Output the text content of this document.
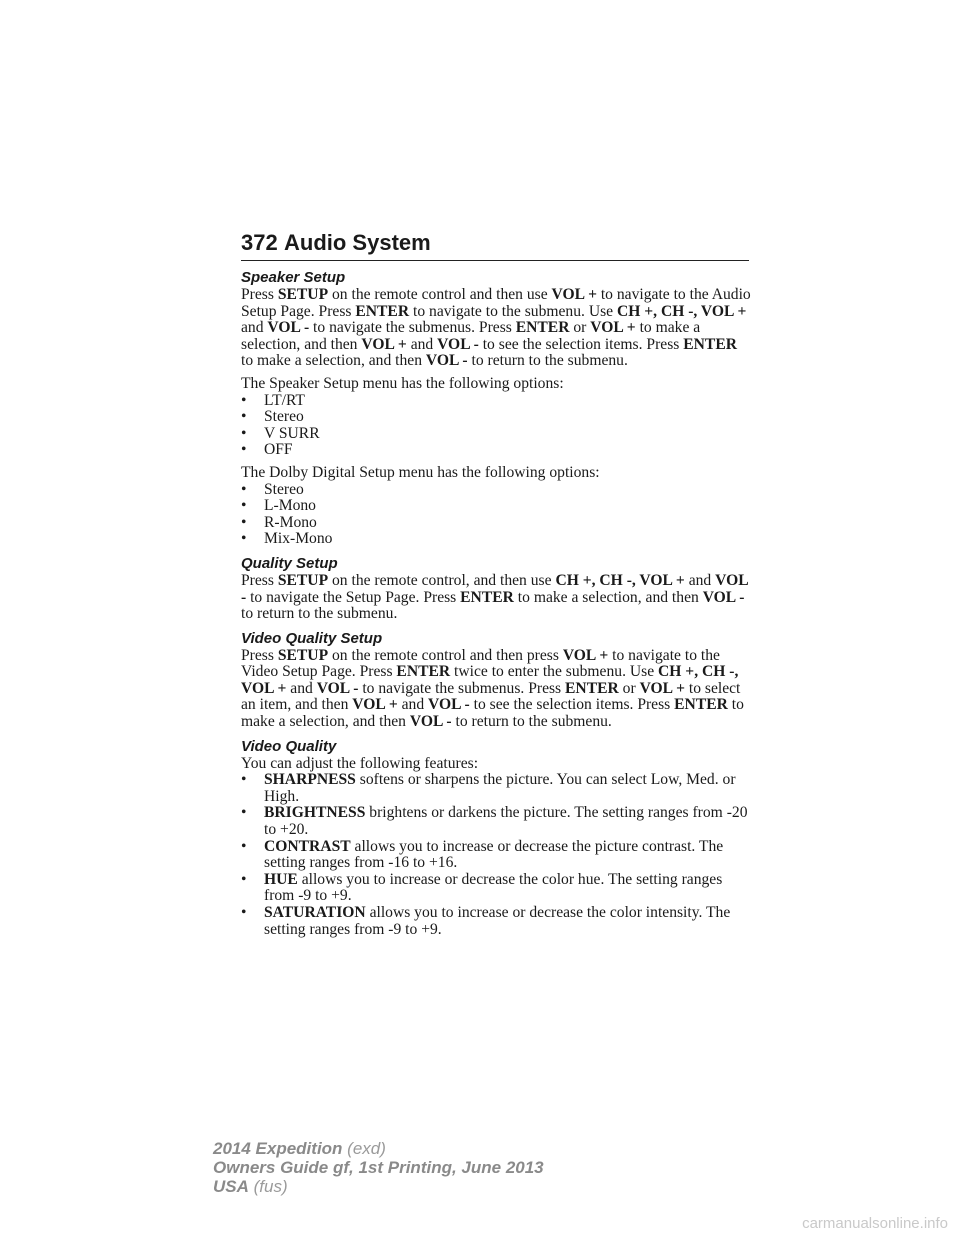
372 Audio System
Speaker Setup

Press SETUP on the remote control and then use VOL + to navigate to the Audio Setup Page. Press ENTER to navigate to the submenu. Use CH +, CH -, VOL + and VOL - to navigate the submenus. Press ENTER or VOL + to make a selection, and then VOL + and VOL - to see the selection items. Press ENTER to make a selection, and then VOL - to return to the submenu.

The Speaker Setup menu has the following options:

• LT/RT
• Stereo
• V SURR
• OFF

The Dolby Digital Setup menu has the following options:

• Stereo
• L-Mono
• R-Mono
• Mix-Mono
Quality Setup

Press SETUP on the remote control, and then use CH +, CH -, VOL + and VOL - to navigate the Setup Page. Press ENTER to make a selection, and then VOL - to return to the submenu.

Video Quality Setup

Press SETUP on the remote control and then press VOL + to navigate to the Video Setup Page. Press ENTER twice to enter the submenu. Use CH +, CH -, VOL + and VOL - to navigate the submenus. Press ENTER or VOL + to select an item, and then VOL + and VOL - to see the selection items. Press ENTER to make a selection, and then VOL - to return to the submenu.

Video Quality

You can adjust the following features:

• SHARPNESS softens or sharpens the picture. You can select Low, Med. or High.
• BRIGHTNESS brightens or darkens the picture. The setting ranges from -20 to +20.
• CONTRAST allows you to increase or decrease the picture contrast. The setting ranges from -16 to +16.
• HUE allows you to increase or decrease the color hue. The setting ranges from -9 to +9.
• SATURATION allows you to increase or decrease the color intensity. The setting ranges from -9 to +9.
2014 Expedition (exd)
Owners Guide gf, 1st Printing, June 2013
USA (fus)
carmanualsonline.info
